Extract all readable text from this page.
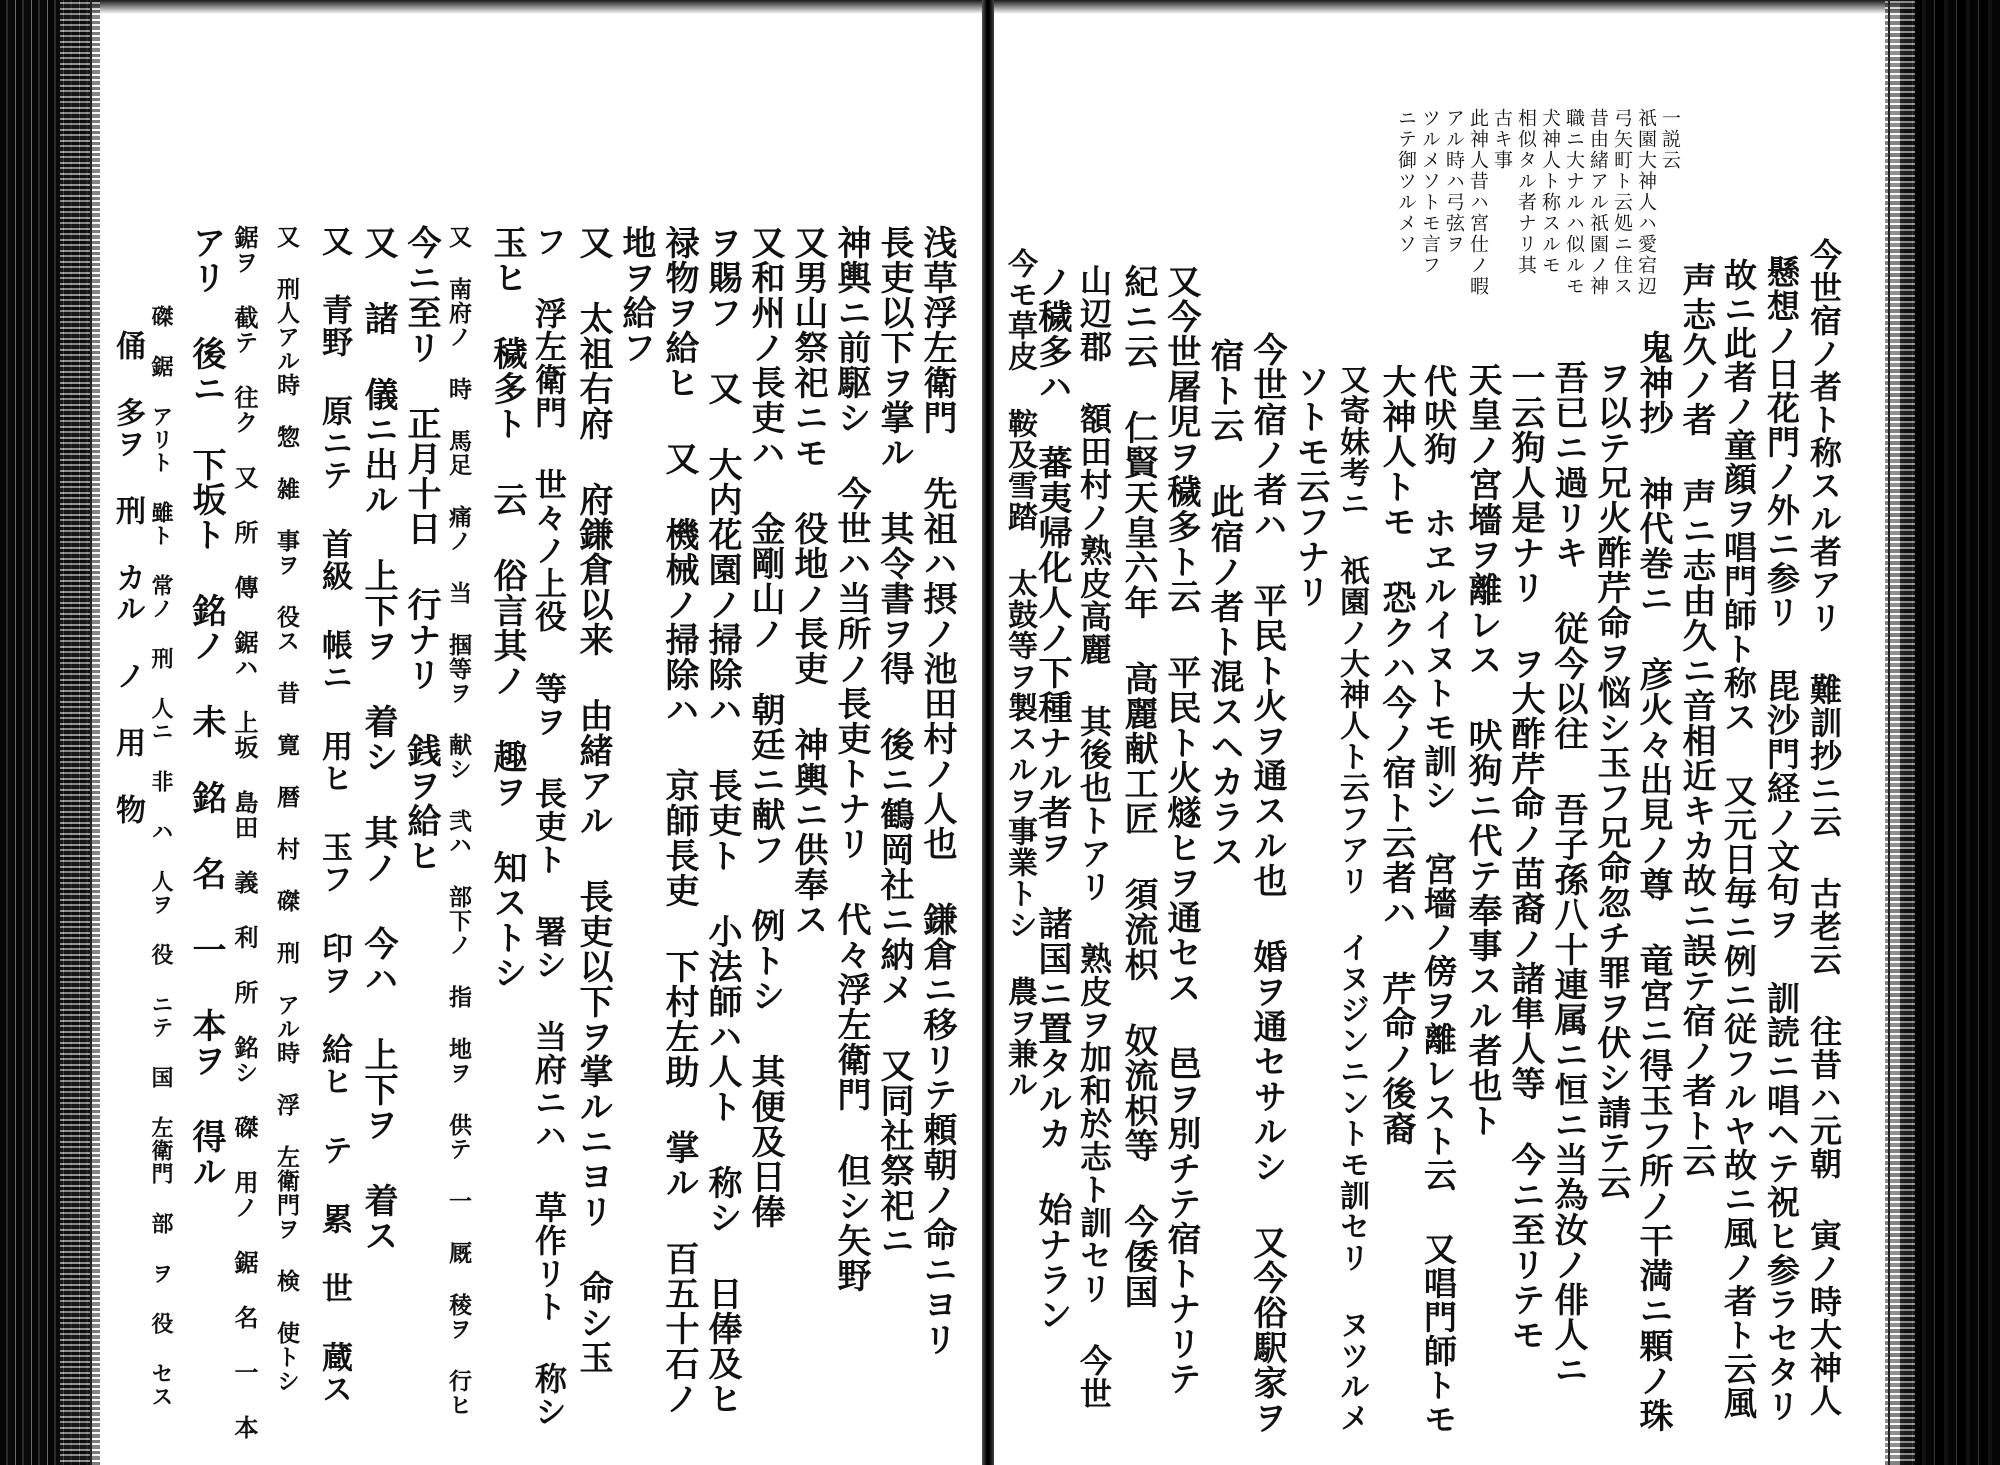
一説云
祇園大神人ハ愛宕辺
弓矢町ト云処ニ住ス
昔由緒アル祇園ノ神
職ニ大ナルハ似ルモ
犬神人ト称スルモ
相似タル者ナリ其
古キ事
此神人昔ハ宮仕ノ暇
アル時ハ弓弦ヲ
ツルメソトモ言フ
ニテ御ツルメソ
今世宿ノ者ト称スル者アリ 難訓抄ニ云 古老云 往昔ハ元朝 寅ノ時大神人
懸想ノ日花門ノ外ニ参リ 毘沙門経ノ文句ヲ 訓読ニ唱ヘテ祝ヒ参ラセタリ
故ニ此者ノ童顔ヲ唱門師ト称ス 又元日毎ニ例ニ従フルヤ故ニ風ノ者ト云風
声志久ノ者 声ニ志由久ニ音相近キカ故ニ誤テ宿ノ者ト云
鬼神抄 神代巻ニ 彦火々出見ノ尊 竜宮ニ得玉フ所ノ干満ニ顆ノ珠
ヲ以テ兄火酢芹命ヲ悩シ玉フ兄命忽チ罪ヲ伏シ請テ云
吾已ニ過リキ 従今以往 吾子孫八十連属ニ恒ニ当為汝ノ俳人ニ
一云狗人是ナリ ヲ大酢芹命ノ苗裔ノ諸隼人等 今ニ至リテモ
天皇ノ宮墻ヲ離レス 吠狗ニ代テ奉事スル者也ト
代吠狗 ホヱルイヌトモ訓シ 宮墻ノ傍ヲ離レスト云 又唱門師トモ
大神人トモ 恐クハ今ノ宿ト云者ハ 芹命ノ後裔
又寄妹考ニ 祇園ノ大神人ト云フアリ イヌジンニントモ訓セリ ヌツルメ
ソトモ云フナリ
今世宿ノ者ハ 平民ト火ヲ通スル也 婚ヲ通セサルシ 又今俗駅家ヲ
宿ト云 此宿ノ者ト混スヘカラス
又今世屠児ヲ穢多ト云 平民ト火燧ヒヲ通セス 邑ヲ別チテ宿トナリテ
紀ニ云 仁賢天皇六年 高麗献工匠 須流枳 奴流枳等 今倭国
山辺郡 額田村ノ熟皮高麗 其後也トアリ 熟皮ヲ加和於志ト訓セリ 今世
ノ穢多ハ 蕃夷帰化人ノ下種ナル者ヲ 諸国ニ置タルカ 始ナラン
今モ草皮 鞍及雪踏 太鼓等ヲ製スルヲ事業トシ 農ヲ兼ル
浅草浮左衛門 先祖ハ摂ノ池田村ノ人也 鎌倉ニ移リテ頼朝ノ命ニヨリ
長吏以下ヲ掌ル 其令書ヲ得 後ニ鶴岡社ニ納メ 又同社祭祀ニ
神輿ニ前駆シ 今世ハ当所ノ長吏トナリ 代々浮左衛門 但シ矢野
又男山祭祀ニモ 役地ノ長吏 神輿ニ供奉ス
又和州ノ長吏ハ 金剛山ノ 朝廷ニ献フ 例トシ 其便及日俸
ヲ賜フ 又 大内花園ノ掃除ハ 長吏ト 小法師ハ人ト 称シ 日俸及ヒ
禄物ヲ給ヒ 又 機械ノ掃除ハ 京師長吏 下村左助 掌ル 百五十石ノ
地ヲ給フ
又 太祖右府 府鎌倉以来 由緒アル 長吏以下ヲ掌ルニヨリ 命シ玉
フ 浮左衛門 世々ノ上役 等ヲ 長吏ト 署シ 当府ニハ 草作リト 称シ
玉ヒ 穢多ト 云 俗言其ノ 趣ヲ 知ストシ
又 南府ノ 時 馬足 痛ノ 当 掴等ヲ 献シ 弐ハ 部下ノ 指 地ヲ 供テ 一 厩 稜ヲ 行ヒ
今ニ至リ 正月十日 行ナリ 銭ヲ給ヒ
又 諸 儀ニ出ル 上下ヲ 着シ 其ノ 今ハ 上下ヲ 着ス
又 青野 原ニテ 首級 帳ニ 用ヒ 玉フ 印ヲ 給ヒ テ 累 世 蔵ス
又 刑人アル時 惣 雑 事ヲ 役ス 昔 寛 暦 村 磔 刑 アル時 浮 左衛門ヲ 検 使トシ
鋸ヲ 截テ 往ク 又 所 傳 鋸ハ 上坂 島田 義 利 所 銘シ 磔 用ノ 鋸 名 一 本
アリ 後ニ 下坂ト 銘ノ 未 銘 名 一 本ヲ 得ル
磔 鋸 アリト 雖ト 常ノ 刑 人ニ 非 ハ 人ヲ 役 ニテ 国 左衛門 部 ヲ 役 セス
俑 多ヲ 刑 カル ノ 用 物
